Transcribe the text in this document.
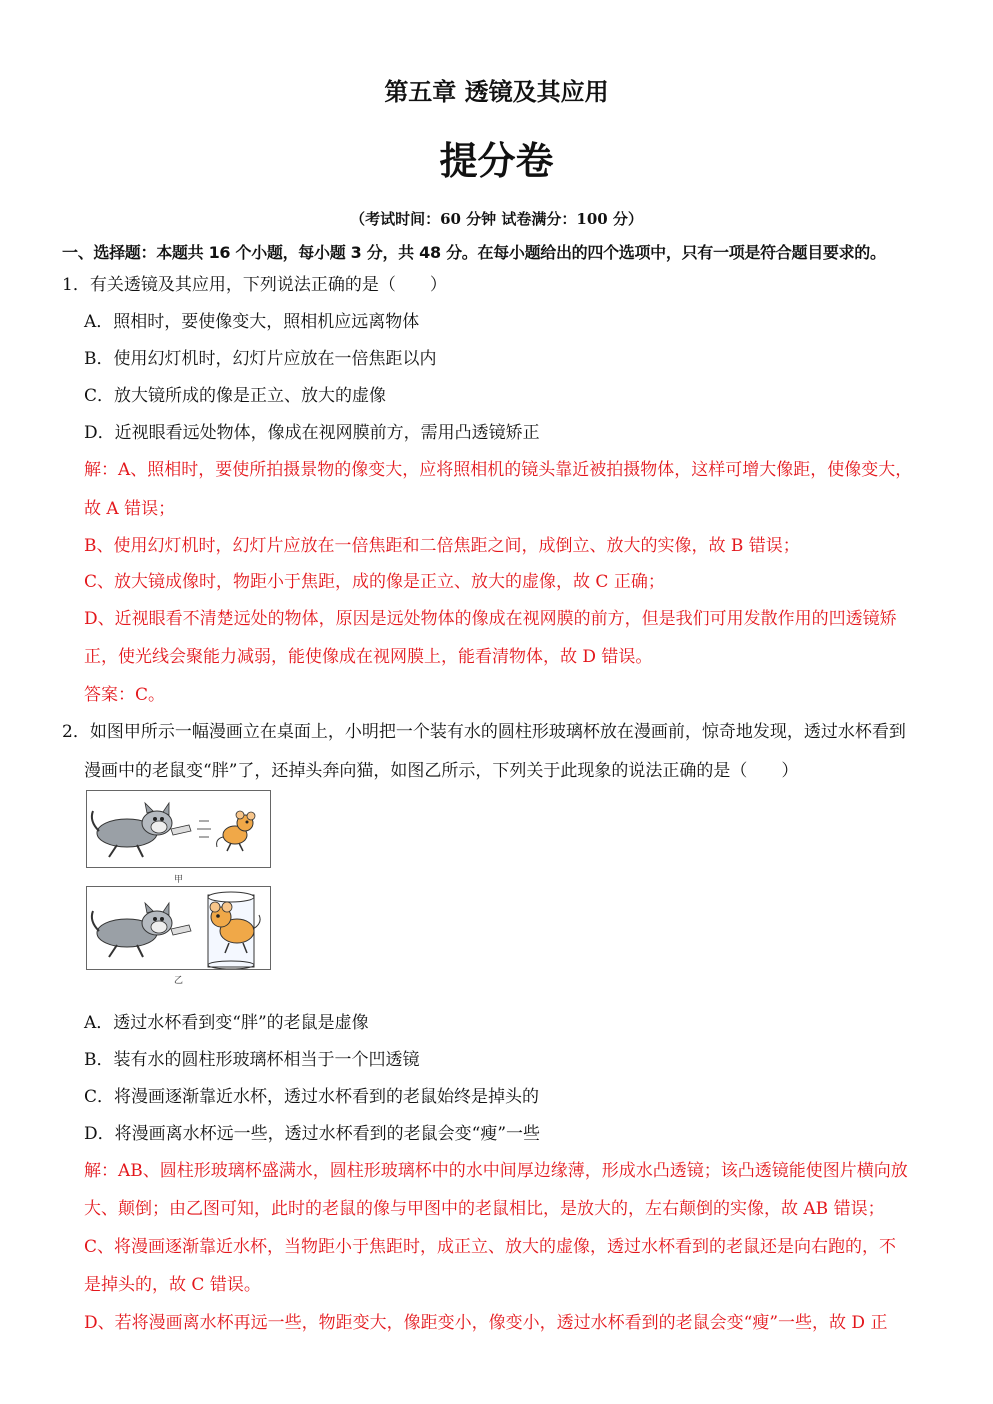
第五章 透镜及其应用
提分卷
（考试时间：60 分钟 试卷满分：100 分）
一、选择题：本题共 16 个小题，每小题 3 分，共 48 分。在每小题给出的四个选项中，只有一项是符合题目要求的。
1．有关透镜及其应用，下列说法正确的是（　　）
A．照相时，要使像变大，照相机应远离物体
B．使用幻灯机时，幻灯片应放在一倍焦距以内
C．放大镜所成的像是正立、放大的虚像
D．近视眼看远处物体，像成在视网膜前方，需用凸透镜矫正
解：A、照相时，要使所拍摄景物的像变大，应将照相机的镜头靠近被拍摄物体，这样可增大像距，使像变大，
故 A 错误；
B、使用幻灯机时，幻灯片应放在一倍焦距和二倍焦距之间，成倒立、放大的实像，故 B 错误；
C、放大镜成像时，物距小于焦距，成的像是正立、放大的虚像，故 C 正确；
D、近视眼看不清楚远处的物体，原因是远处物体的像成在视网膜的前方，但是我们可用发散作用的凹透镜矫
正，使光线会聚能力减弱，能使像成在视网膜上，能看清物体，故 D 错误。
答案：C。
2．如图甲所示一幅漫画立在桌面上，小明把一个装有水的圆柱形玻璃杯放在漫画前，惊奇地发现，透过水杯看到
漫画中的老鼠变“胖”了，还掉头奔向猫，如图乙所示，下列关于此现象的说法正确的是（　　）
甲
乙
A．透过水杯看到变“胖”的老鼠是虚像
B．装有水的圆柱形玻璃杯相当于一个凹透镜
C．将漫画逐渐靠近水杯，透过水杯看到的老鼠始终是掉头的
D．将漫画离水杯远一些，透过水杯看到的老鼠会变“瘦”一些
解：AB、圆柱形玻璃杯盛满水，圆柱形玻璃杯中的水中间厚边缘薄，形成水凸透镜；该凸透镜能使图片横向放
大、颠倒；由乙图可知，此时的老鼠的像与甲图中的老鼠相比，是放大的，左右颠倒的实像，故 AB 错误；
C、将漫画逐渐靠近水杯，当物距小于焦距时，成正立、放大的虚像，透过水杯看到的老鼠还是向右跑的，不
是掉头的，故 C 错误。
D、若将漫画离水杯再远一些，物距变大，像距变小，像变小，透过水杯看到的老鼠会变“瘦”一些，故 D 正
